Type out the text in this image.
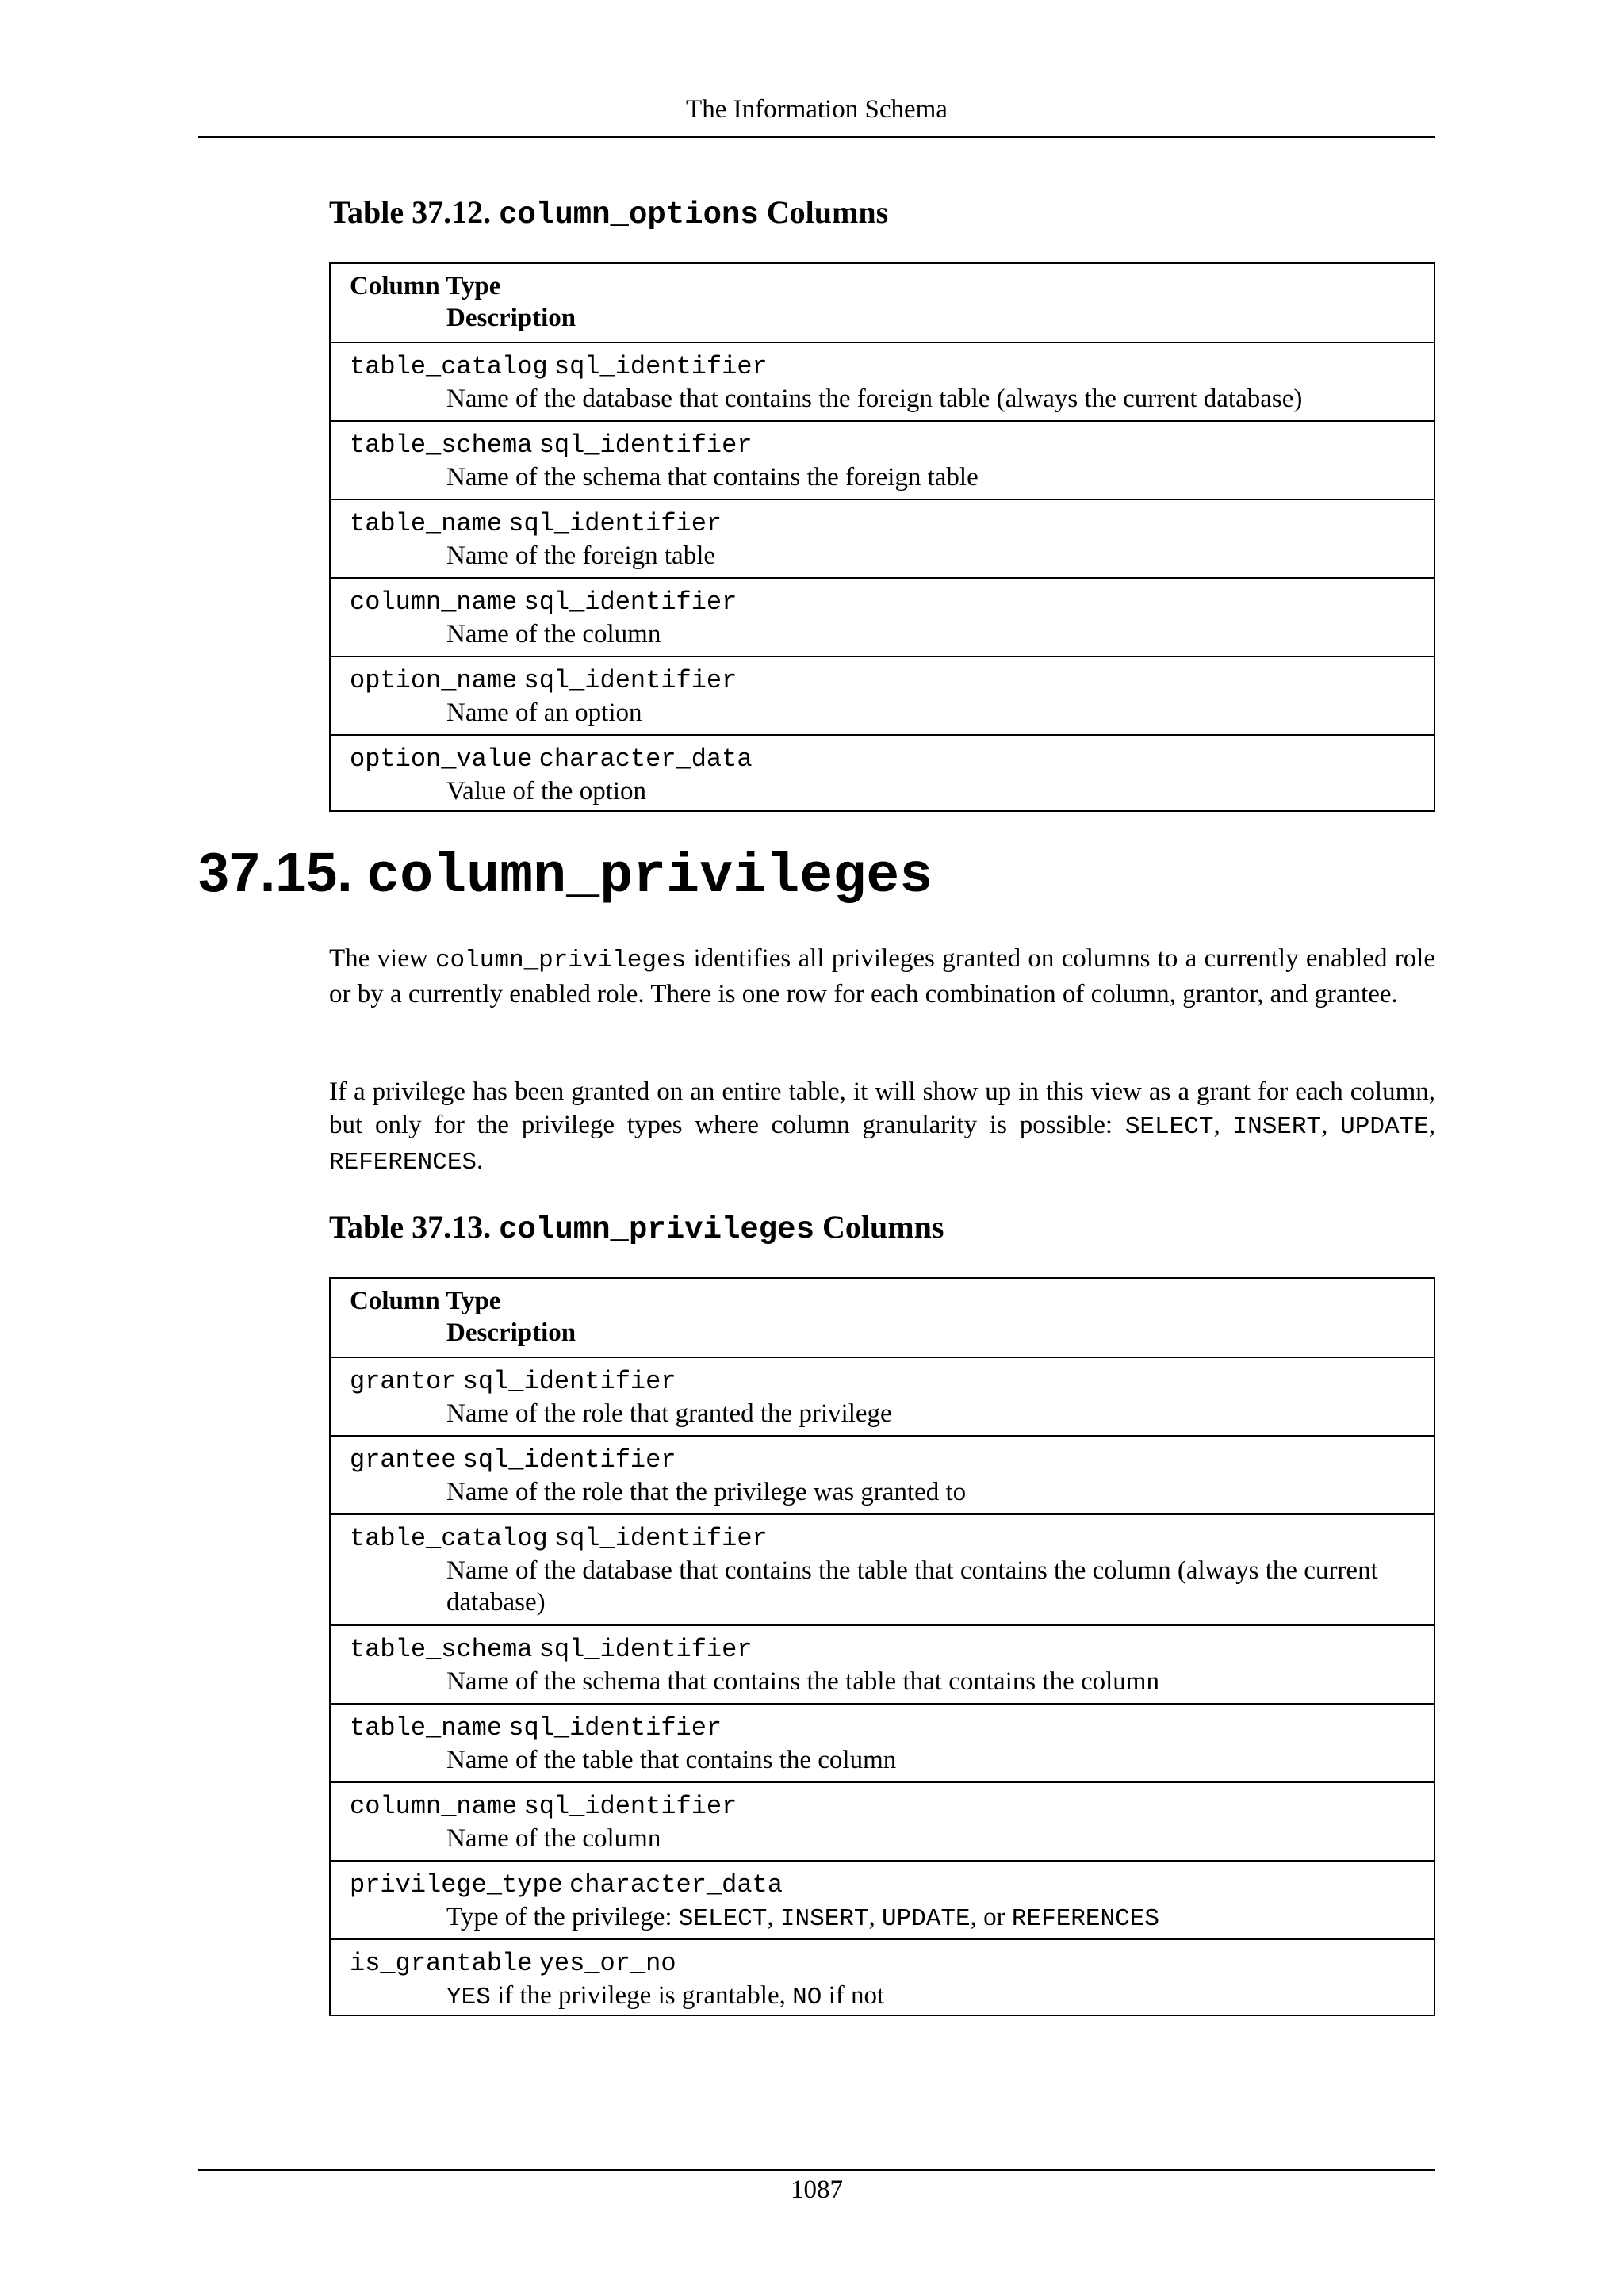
The Information Schema
Table 37.12. column_options Columns
Column Type
Description
table_catalog sql_identifier
Name of the database that contains the foreign table (always the current database)
table_schema sql_identifier
Name of the schema that contains the foreign table
table_name sql_identifier
Name of the foreign table
column_name sql_identifier
Name of the column
option_name sql_identifier
Name of an option
option_value character_data
Value of the option
37.15. column_privileges
The view column_privileges identifies all privileges granted on columns to a currently enabled role or by a currently enabled role. There is one row for each combination of column, grantor, and grantee.
If a privilege has been granted on an entire table, it will show up in this view as a grant for each column, but only for the privilege types where column granularity is possible: SELECT, INSERT, UPDATE, REFERENCES.
Table 37.13. column_privileges Columns
Column Type
Description
grantor sql_identifier
Name of the role that granted the privilege
grantee sql_identifier
Name of the role that the privilege was granted to
table_catalog sql_identifier
Name of the database that contains the table that contains the column (always the current database)
table_schema sql_identifier
Name of the schema that contains the table that contains the column
table_name sql_identifier
Name of the table that contains the column
column_name sql_identifier
Name of the column
privilege_type character_data
Type of the privilege: SELECT, INSERT, UPDATE, or REFERENCES
is_grantable yes_or_no
YES if the privilege is grantable, NO if not
1087
